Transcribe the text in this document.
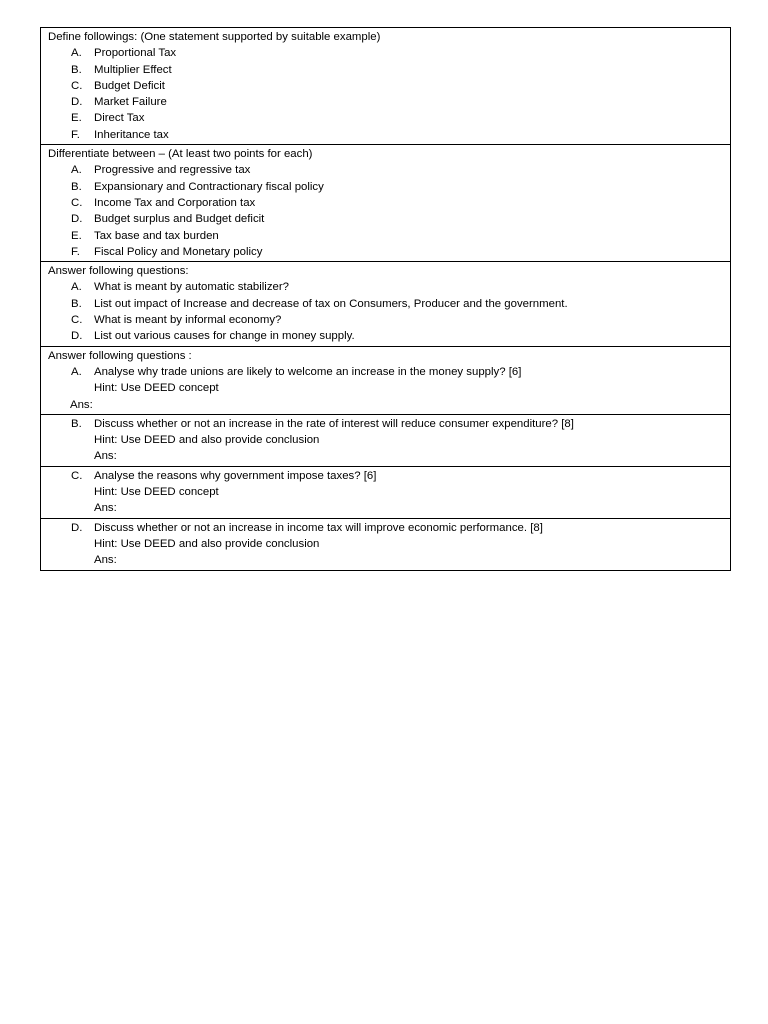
Define followings: (One statement supported by suitable example)
A. Proportional Tax
B. Multiplier Effect
C. Budget Deficit
D. Market Failure
E. Direct Tax
F. Inheritance tax
Differentiate between – (At least two points for each)
A. Progressive and regressive tax
B. Expansionary and Contractionary fiscal policy
C. Income Tax and Corporation tax
D. Budget surplus and Budget deficit
E. Tax base and tax burden
F. Fiscal Policy and Monetary policy
Answer following questions:
A. What is meant by automatic stabilizer?
B. List out impact of Increase and decrease of tax on Consumers, Producer and the government.
C. What is meant by informal economy?
D. List out various causes for change in money supply.
Answer following questions :
A. Analyse why trade unions are likely to welcome an increase in the money supply? [6]
Hint: Use DEED concept
Ans:
B. Discuss whether or not an increase in the rate of interest will reduce consumer expenditure? [8]
Hint: Use DEED and also provide conclusion
Ans:
C. Analyse the reasons why government impose taxes? [6]
Hint: Use DEED concept
Ans:
D. Discuss whether or not an increase in income tax will improve economic performance. [8]
Hint: Use DEED and also provide conclusion
Ans:
